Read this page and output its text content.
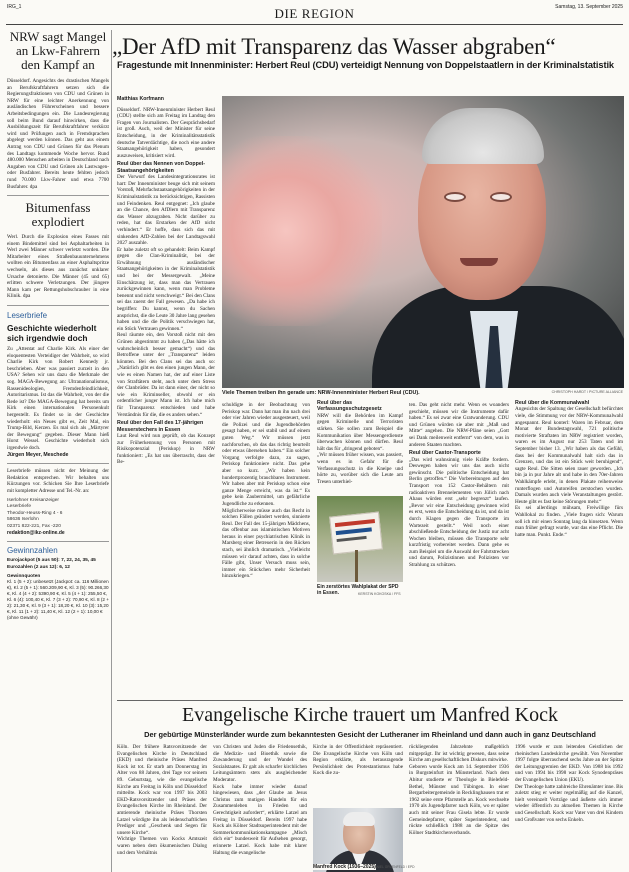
IRG_1	DIE REGION	Samstag, 13. September 2025
NRW sagt Mangel an Lkw-Fahrern den Kampf an

Düsseldorf. Angesichts des drastischen Mangels an Berufskraftfahrern setzen sich die Regierungsfraktionen von CDU und Grünen in NRW für eine leichter Anerkennung von ausländischen Führerscheinen und bessere Arbeitsbedingungen ein. Die Landesregierung soll beim Bund darauf hinwirken, dass die Ausbildungszeit für Berufskraftfahrer verkürzt wird und Prüfungen auch in Fremdsprachen abgelegt werden können. Das geht aus einem Antrag von CDU und Grünen für das Plenum des Landtags kommende Woche hervor. Rund 480.000 Menschen arbeiten in Deutschland nach Angaben von CDU und Grünen als Lastwagen-oder Busfahrer. Bereits heute fehlten jedoch rund 70.000 Lkw-Fahrer und etwa 7700 Busfahrer. dpa

Bitumenfass explodiert

Werl. Durch die Explosion eines Fasses mit einem Bindemittel sind bei Asphaltarbeiten in Werl zwei Männer schwer verletzt worden. Die Mitarbeiter eines Straßenbauunternehmens wollten ein Bitumenfass an einer Asphaltspritze wechseln, als dieses aus zunächst unklarer Ursache detonierte. Die Männer (45 und 65) erlitten schwere Verletzungen. Der jüngere Mann kam per Rettungshubschrauber in eine Klinik. dpa

Leserbriefe
Geschichte wiederholt sich irgendwie doch

Zu „Attentat auf Charlie Kirk. Als einer der eloquentesten Verteidiger der Wahrheit, so wird Charlie Kirk von Robert Kennedy jr. beschrieben. Aber was passiert zurzeit in den USA? Sehen wir uns dazu die Merkmale der sog. MAGA-Bewegung an: Ultranationalismus, Rassenideologien, Fremdenfeindlichkeit, Autoritarismus. Ist das die Wahrheit, von der die Rede ist? Die MAGA-Bewegung hat bereits um Kirk einen internationalen Personenkult hergestellt. Es findet so in der Geschichte wiederholt: ein Neues gibt es, Zeit Mal, ein Trump-Bild, Kerzen. Es mal sich als „Märtyrer der Bewegung“ gegeben. Dieser Mann hieß Horst Wessel. Geschichte wiederholt sich irgendwie doch.

Jürgen Meyer, Meschede

Leserbriefe müssen nicht der Meinung der Redaktion entsprechen. Wir behalten uns Kürzungen vor. Schicken Sie Ihre Leserbriefe mit kompletter Adresse und Tel.-Nr. an:

Iserlohner Kreisanzeiger
Leserbriefe
Theodor-Heuss-Ring 4 - 6
58636 Iserlohn
02371 822-221, Fax -220
redaktion@ikz-online.de
Gewinnzahlen
Eurojackpot (5 aus 50): 7, 22, 24, 35, 45
Eurozahlen (2 aus 12): 6, 12
Gewinnquoten
Kl. 1 (5 + 2): unbesetzt (Jackpot: ca. 116 Millionen €), Kl. 2 (5 + 1): 560.209,90 €, Kl. 3 (5): 90.266,30 €, Kl. 4 (4 + 2): 5390,90 €, Kl. 5 (4 + 1): 255,50 €, Kl. 6 (4): 100,40 €, Kl. 7 (3 + 2): 70,90 €, Kl. 8 (2 + 2): 21,30 €, Kl. 9 (3 + 1): 18,20 €, Kl. 10 (3): 15,20 €, Kl. 11 (1 + 2): 11,40 €, Kl. 12 (2 + 1): 10,00 € (ohne Gewähr)
„Der AfD mit Transparenz das Wasser abgraben“
Fragestunde mit Innenminister: Herbert Reul (CDU) verteidigt Nennung von Doppelstaatlern in der Kriminalstatistik

Matthias Korfmann

Düsseldorf. NRW-Innenminister Herbert Reul (CDU) stellte sich am Freitag im Landtag den Fragen von Journalisten. Der Gesprächsbedarf ist groß. Auch, weil der Minister für seine Entscheidung, in der Kriminalitätsstatistik deutsche Tatverdächtige, die noch eine andere Staatsangehörigkeit haben, gesondert auszuweisen, kritisiert wird.

Reul über das Nennen von Doppel-Staatsangehörigkeiten

Der Vorwurf des Landesintegrationsrates ist hart: Der Innenminister beuge sich mit seinem Vorstoß, Mehrfachstaatsangehörigkeiten in der Kriminalstatistik zu berücksichtigen, Rassisten und Feindenken. Reul entgegnet: „Ich glaube an die Chance, den AfDlern mit Transparenz das Wasser abzugraben. Nicht darüber zu reden, hat das Erstarken der AfD nicht verhindert.“ Er hoffe, dass sich das mit sinkenden AfD-Zahlen bei der Landtagswahl 2027 auszahle.

Er habe zuletzt oft so gehandelt: Beim Kampf gegen die Clan-Kriminalität, bei der Erwähnung ausländischer Staatsangehörigkeiten in der Kriminalstatistik und bei der Messergewalt. „Meine Einschätzung ist, dass man das Vertrauen zurückgewinnen kann, wenn man Probleme benennt und nicht verschweigt.“ Bei den Clans sei das zuerst der Fall gewesen. „Da habe ich begriffen: Du kannst, wenn du Sachen ansprichst, die die Leute 30 Jahre lang gesehen haben und die die Politik verschwiegen hat, ein Stück Vertrauen gewinnen.“

Reul räumte ein, den Vorstoß nicht mit den Grünen abgestimmt zu haben („Das hätte ich wahrscheinlich besser gemacht“) und das Betroffene unter der „Transparenz“ leiden könnten. Bei den Clans sei das auch so: „Natürlich gibt es den einen jungen Mann, der wie es einen Namen hat, der auf einer Liste von Straftätern steht, auch unter dem Stress der Clanbrüder. Da ist dann einer, der nicht so wie ein Kriminseller, obwohl er ein ordentlicher junger Mann ist. Ich habe mich für Transparenz entschieden und habe Verständnis für die, die es anders sehen.“

Reul über den Fall des 17-jährigen Messerstechers in Essen

Laut Reul wird nun geprüft, ob das Konzept zur Früherkennung von Personen mit Risikopotenzial (Periskop) in NRW funktioniert: „Es hat uns überrascht, dass der Be-

Viele Themen treiben ihn gerade um: NRW-Innenminister Herbert Reul (CDU).	CHRISTOPH HARDT / PICTURE ALLIANCE

schuldigte in der Beobachtung von Periskop war. Dann hat man ihn nach drei oder vier Jahren wieder ausgesteuert, weil die Polizei und die Jugendbehörden gesagt haben, er sei stabil und auf einem guten Weg.“ Wir müssen jetzt nachforschen, ob das das richtig beurteilt oder etwas übersehen haben.“ Ein solcher Vorgang verfolgte dazu, zu sagen, Periskop funktioniere nicht. Das gehe aber so kurz. „Wir haben kein hundertprozentig brauchbares Instrument. Wir haben aber mit Periskop schon eine ganze Menge erreicht, was da ist.“ Es gebe kein Zaubermittel, um gefährliche Jugendliche zu erkennen.

Möglicherweise müsse auch das Recht in solchen Fällen geändert werden, sinnierte Reul. Der Fall des 15-jährigen Mädchens, das offenbar aus islamistischen Motiven heraus in einer psychiatrischen Klinik in Marsberg einer Betreuerin in den Rücken stach, sei ähnlich dramatisch. „Vielleicht müssen wir darauf achten, dass in solche Fälle gibt, Unser Versuch muss sein, immer ein Stückchen mehr Sicherheit hinzukriegen.“

Reul über das Verfassungsschutzgesetz

NRW will die Behörden im Kampf gegen Kriminelle und Terroristen stärken. Sie sollen zum Beispiel die Kommunikation über Messengerdienste überwachen können und dürfen. Reul hält das für „dringend geboten“.

„Wir müssen früher wissen, was passiert, wenn es in Gefahr für die Verfassungsschutz in die Kneipe und hörte zu, worüber sich die Leute am Tresen unterhiel-

Ein zerstörtes Wahlplakat der SPD in Essen.	KERSTIN KOKOSKA / FFS

ten. Das geht nicht mehr. Wenn es woanders geschieht, müssen wir die Instrumente dafür haben.“ Es sei zwar eine Gratwanderung. CDU und Grünen würden sie aber mit „Maß und Mitte“ angehen. Die NRW-Pläne seien „Gott sei Dank meilenweit entfernt“ von dem, was in anderen Staaten machten.

Reul über Castor-Transporte

„Das wird wahnsinnig viele Kräfte fordern. Deswegen haben wir uns das auch nicht gewünscht. Die politische Entscheidung hat Berlin getroffen.“ Die Vorbereitungen auf den Transport von 152 Castor-Behältern mit radioaktiven Brennelementen von Jülich nach Ahaus würden erst „sehr begrenzt“ laufen. „Bevor wir eine Entscheidung gewinnen wird es erst, wenn die Entscheidung da ist, und da ist durch Klagen gegen die Transporte im Wartezeit gestellt.“ Weil noch einer abschließende Entscheidung der Justiz nur acht Wochen bleiben, müssen die Transporte sehr kurzfristig vorbereitet werden. Dann gehe es zum Beispiel um die Auswahl der Fahrtstrecken und darum, Polizistinnen und Polizisten vor Strahlung zu schützen.

Reul über die Kommunalwahl

Angesichts der Spaltung der Gesellschaft befürchtet viele, die Stimmung vor der NRW-Kommunalwahl angespannt. Reul konterl: Waren im Februar, dem Monat der Bundestagswahl, 721 politische motivierte Straftaten im NRW registriert worden, waren es im August nur 253 Taten und im September bisher 13. „Wir haben als das Gefühl, dass bei der Kommunalwahl halt sich das in Grenzen, und das ist ein Stück weit beruhigend“, sagte Reul. Die Sitten seien rauer geworden. „Ich bin ja in pur Jahre alt und habe in den 70er-Jahren Wahlkämpfe erlebt, in denen Plakate reihenweise runterflogen und Autoreifen zerstochen wurden. Damals wurden auch viele Veranstaltungen gestört. Heute gibt es fast keine Störungen mehr.“

Es sei allerdings mühsam, Freiwillige fürs Wahllokal zu finden. „Viele fragen sich: Warum soll ich mir einen Sonntag lang da hinsetzen. Wenn man früher gefragt wurde, war das eine Pflicht. Die hatte man. Punkt. Ende.“

Evangelische Kirche trauert um Manfred Kock
Der gebürtige Münsterländer wurde zum bekanntesten Gesicht der Lutheraner im Rheinland und dann auch in ganz Deutschland

Köln. Der frühere Ratsvorsitzende der Evangelischen Kirche in Deutschland (EKD) und rheinische Präses Manfred Kock ist tot. Er starb am Donnerstag im Alter von 88 Jahren, drei Tage vor seinem 89. Geburtstag, wie die evangelische Kirche am Freitag in Köln und Düsseldorf mitteilte. Kock war von 1997 bis 2003 EKD-Ratsvorsitzender und Präses der Evangelischen Kirche im Rheinland. Der amtierende rheinische Präses Thorsten Latzel würdigte ihn als leidenschaftlichen Prediger und „Geschenk und Segen für unsere Kirche“.

Wichtige Themen von Kocks Amtszeit waren neben dem ökumenischen Dialog und dem Verhältnis

von Christen und Juden die Friedensethik, die Medizin- und Bioethik sowie die Zuwanderung und der Wandel des Sozialstaates. Er galt als scharfer kirchlichen Leitungsämtern stets als ausgleichender Moderator.

Kock habe immer wieder darauf hingewiesen, dass „der Glaube an Jesus Christus zum mutigen Handeln für ein Zusammenleben in Frieden und Gerechtigkeit aufordert“, erklärte Latzel am Freitag in Düsseldorf. Bereits 1997 habe Kock als Kölner Stadtsuperintendent mit der Sommerkommunikationskampagne „Misch dich ein“ bundesweit für Aufsehen gesorgt, erinnerte Latzel. Kock habe mit klarer Haltung die evangelische

Kirche in der Öffentlichkeit repräsentiert. Die Evangelische Kirche von Köln und Region erklärte, als herausragende Persönlichkeit des Protestantismus habe Kock die zu-

Manfred Kock (1936–2025)
DANIEL GRUENFELD / EPD

rückliegenden Jahrzehnte maßgeblich mitgeprägt. Ihr ist wichtig gewesen, dass seine Kirche am gesellschaftlichen Diskurs mitwirke.

Geboren wurde Kock am 14. September 1936 in Burgsteinfurt im Münsterland. Nach dem Abitur studierte er Theologie in Bielefeld-Bethel, Münster und Tübingen. In einer Bergarbeitergemeinde in Recklinghausen trat er 1962 seine erste Pfarrstelle an. Kock wechselte 1970 als Jugendpfarrer nach Köln, wo er später auch mit seiner Frau Gisela lebte. Er wurde Gemeindepfarrer, später Superintendent, und rückte schließlich 1988 an die Spitze des Kölner Stadtkirchenverbands.

1996 wurde er zum leitenden Geistlichen der rheinischen Landeskirche gewählt. Von November 1997 folgte überraschend sechs Jahre an der Spitze der Leitungsgremien der EKD. Von 1988 bis 1992 und von 1994 bis 1998 war Kock Synodenpräses der Evangelischen Union (EKU).

Der Theologe hatte zahlreiche Ehrenämter inne. Bis zuletzt stieg er weiter regelmäßig auf die Kanzel, hielt vereinzelt Vorträge und äußerte sich immer wieder öffentlich zu aktuellen Themen in Kirche und Gesellschaft. Kock war Vater von drei Kindern und Großvater von sechs Enkeln.
